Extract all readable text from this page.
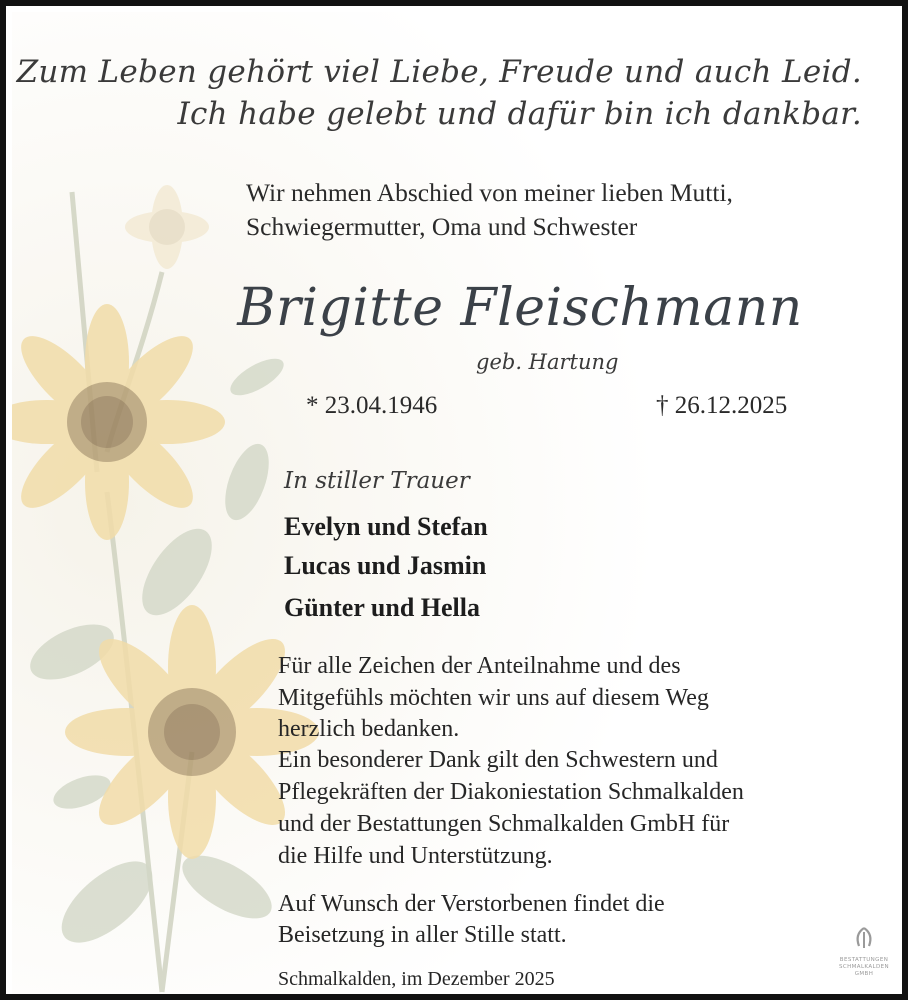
Zum Leben gehört viel Liebe, Freude und auch Leid.
Ich habe gelebt und dafür bin ich dankbar.
Wir nehmen Abschied von meiner lieben Mutti,
Schwiegermutter, Oma und Schwester
Brigitte Fleischmann
geb. Hartung
* 23.04.1946	† 26.12.2025
In stiller Trauer
Evelyn und Stefan
Lucas und Jasmin
Günter und Hella
Für alle Zeichen der Anteilnahme und des
Mitgefühls möchten wir uns auf diesem Weg
herzlich bedanken.
Ein besonderer Dank gilt den Schwestern und
Pflegekräften der Diakoniestation Schmalkalden
und der Bestattungen Schmalkalden GmbH für
die Hilfe und Unterstützung.
Auf Wunsch der Verstorbenen findet die
Beisetzung in aller Stille statt.
Schmalkalden, im Dezember 2025
BESTATTUNGEN
SCHMALKALDEN
GMBH
